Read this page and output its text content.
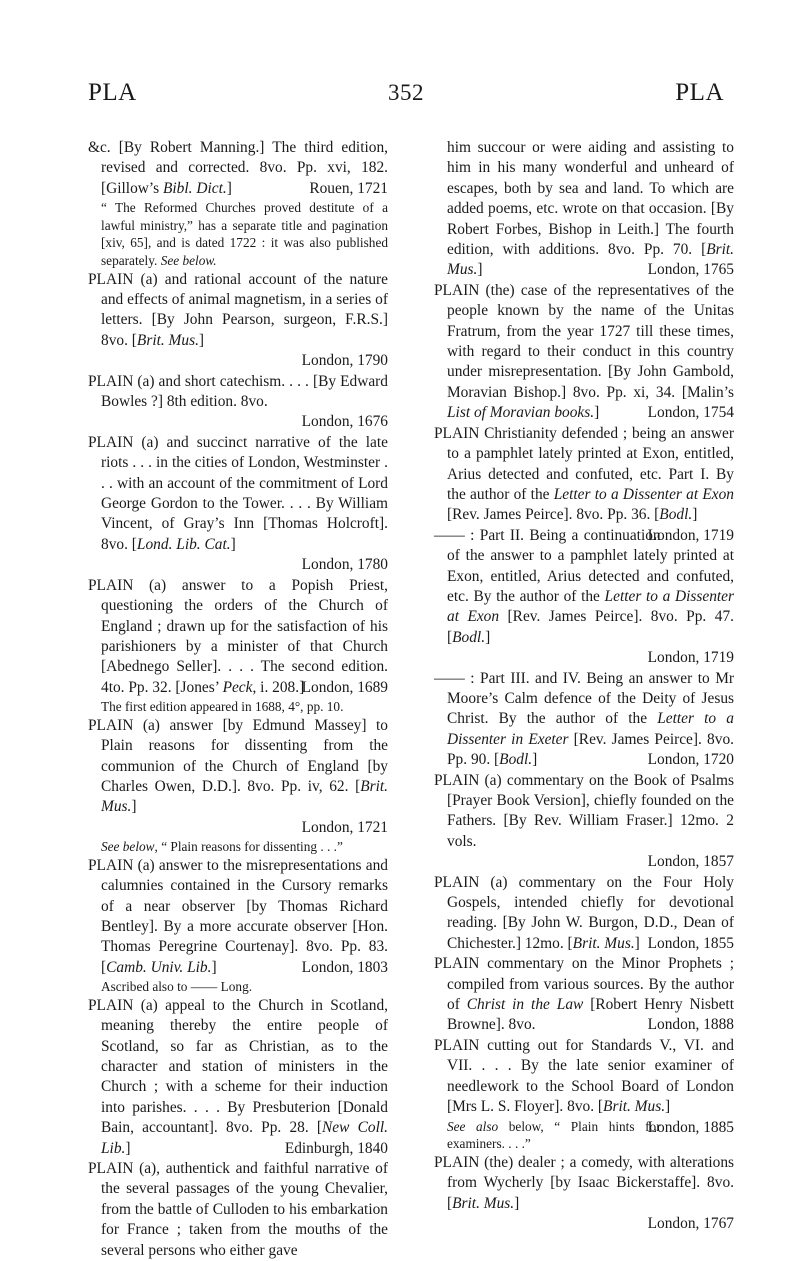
PLA	352	PLA
&c. [By Robert Manning.] The third edition, revised and corrected. 8vo. Pp. xvi, 182. [Gillow’s Bibl. Dict.]	Rouen, 1721
“ The Reformed Churches proved destitute of a lawful ministry,” has a separate title and pagination [xiv, 65], and is dated 1722 : it was also published separately. See below.
PLAIN (a) and rational account of the nature and effects of animal magnetism, in a series of letters. [By John Pearson, surgeon, F.R.S.] 8vo. [Brit. Mus.]
London, 1790
PLAIN (a) and short catechism. . . . [By Edward Bowles ?] 8th edition. 8vo.
London, 1676
PLAIN (a) and succinct narrative of the late riots . . . in the cities of London, Westminster . . . with an account of the commitment of Lord George Gordon to the Tower. . . . By William Vincent, of Gray’s Inn [Thomas Holcroft]. 8vo. [Lond. Lib. Cat.]
London, 1780
PLAIN (a) answer to a Popish Priest, questioning the orders of the Church of England ; drawn up for the satisfaction of his parishioners by a minister of that Church [Abednego Seller]. . . . The second edition. 4to. Pp. 32. [Jones’ Peck, i. 208.]
London, 1689
The first edition appeared in 1688, 4°, pp. 10.
PLAIN (a) answer [by Edmund Massey] to Plain reasons for dissenting from the communion of the Church of England [by Charles Owen, D.D.]. 8vo. Pp. iv, 62. [Brit. Mus.]
London, 1721
See below, “ Plain reasons for dissenting . . .”
PLAIN (a) answer to the misrepresentations and calumnies contained in the Cursory remarks of a near observer [by Thomas Richard Bentley]. By a more accurate observer [Hon. Thomas Peregrine Courtenay]. 8vo. Pp. 83. [Camb. Univ. Lib.]	London, 1803
Ascribed also to —— Long.
PLAIN (a) appeal to the Church in Scotland, meaning thereby the entire people of Scotland, so far as Christian, as to the character and station of ministers in the Church ; with a scheme for their induction into parishes. . . . By Presbuterion [Donald Bain, accountant]. 8vo. Pp. 28. [New Coll. Lib.]	Edinburgh, 1840
PLAIN (a), authentick and faithful narrative of the several passages of the young Chevalier, from the battle of Culloden to his embarkation for France ; taken from the mouths of the several persons who either gave
him succour or were aiding and assisting to him in his many wonderful and unheard of escapes, both by sea and land. To which are added poems, etc. wrote on that occasion. [By Robert Forbes, Bishop in Leith.] The fourth edition, with additions. 8vo. Pp. 70. [Brit. Mus.]	London, 1765
PLAIN (the) case of the representatives of the people known by the name of the Unitas Fratrum, from the year 1727 till these times, with regard to their conduct in this country under misrepresentation. [By John Gambold, Moravian Bishop.] 8vo. Pp. xi, 34. [Malin’s List of Moravian books.]	London, 1754
PLAIN Christianity defended ; being an answer to a pamphlet lately printed at Exon, entitled, Arius detected and confuted, etc. Part I. By the author of the Letter to a Dissenter at Exon [Rev. James Peirce]. 8vo. Pp. 36. [Bodl.]
London, 1719
—— : Part II. Being a continuation of the answer to a pamphlet lately printed at Exon, entitled, Arius detected and confuted, etc. By the author of the Letter to a Dissenter at Exon [Rev. James Peirce]. 8vo. Pp. 47. [Bodl.]
London, 1719
—— : Part III. and IV. Being an answer to Mr Moore’s Calm defence of the Deity of Jesus Christ. By the author of the Letter to a Dissenter in Exeter [Rev. James Peirce]. 8vo. Pp. 90. [Bodl.]	London, 1720
PLAIN (a) commentary on the Book of Psalms [Prayer Book Version], chiefly founded on the Fathers. [By Rev. William Fraser.] 12mo. 2 vols.
London, 1857
PLAIN (a) commentary on the Four Holy Gospels, intended chiefly for devotional reading. [By John W. Burgon, D.D., Dean of Chichester.] 12mo. [Brit. Mus.] London, 1855
PLAIN commentary on the Minor Prophets ; compiled from various sources. By the author of Christ in the Law [Robert Henry Nisbett Browne]. 8vo.	London, 1888
PLAIN cutting out for Standards V., VI. and VII. . . . By the late senior examiner of needlework to the School Board of London [Mrs L. S. Floyer]. 8vo. [Brit. Mus.]
London, 1885
See also below, “ Plain hints for examiners. . . .”
PLAIN (the) dealer ; a comedy, with alterations from Wycherly [by Isaac Bickerstaffe]. 8vo. [Brit. Mus.]
London, 1767
